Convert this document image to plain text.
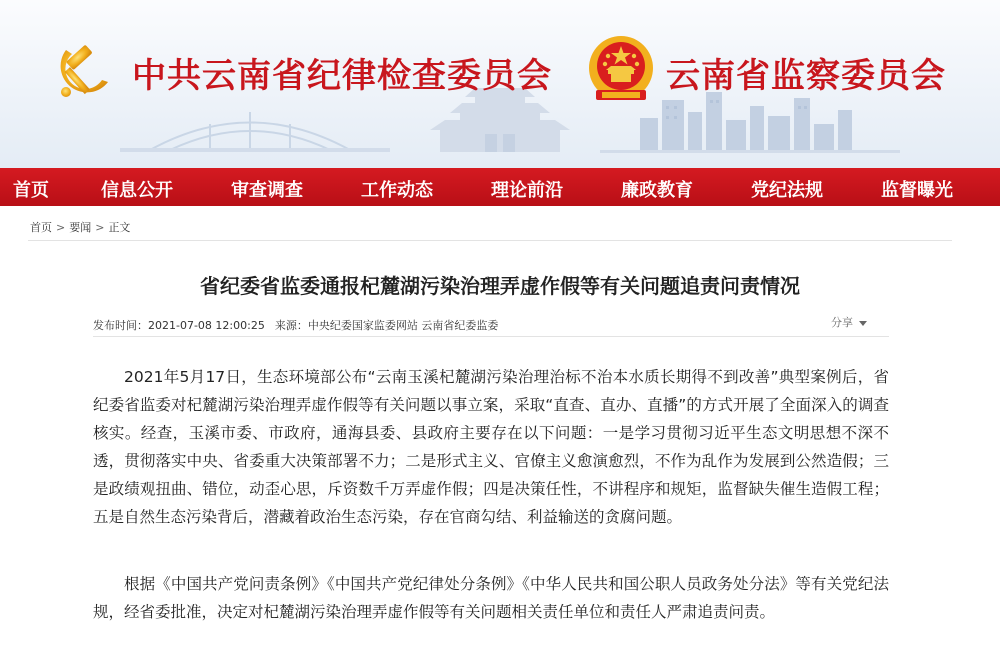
中共云南省纪律检查委员会	云南省监察委员会
首页	信息公开	审查调查	工作动态	理论前沿	廉政教育	党纪法规	监督曝光
首页 > 要闻 > 正文
省纪委省监委通报杞麓湖污染治理弄虚作假等有关问题追责问责情况
发布时间：2021-07-08 12:00:25 来源：中央纪委国家监委网站 云南省纪委监委	分享

2021年5月17日，生态环境部公布“云南玉溪杞麓湖污染治理治标不治本水质长期得不到改善”典型案例后，省纪委省监委对杞麓湖污染治理弄虚作假等有关问题以事立案，采取“直查、直办、直播”的方式开展了全面深入的调查核实。经查，玉溪市委、市政府，通海县委、县政府主要存在以下问题：一是学习贯彻习近平生态文明思想不深不透，贯彻落实中央、省委重大决策部署不力；二是形式主义、官僚主义愈演愈烈，不作为乱作为发展到公然造假；三是政绩观扭曲、错位，动歪心思，斥资数千万弄虚作假；四是决策任性，不讲程序和规矩，监督缺失催生造假工程；五是自然生态污染背后，潜藏着政治生态污染，存在官商勾结、利益输送的贪腐问题。

根据《中国共产党问责条例》《中国共产党纪律处分条例》《中华人民共和国公职人员政务处分法》等有关党纪法规，经省委批准，决定对杞麓湖污染治理弄虚作假等有关问题相关责任单位和责任人严肃追责问责。
